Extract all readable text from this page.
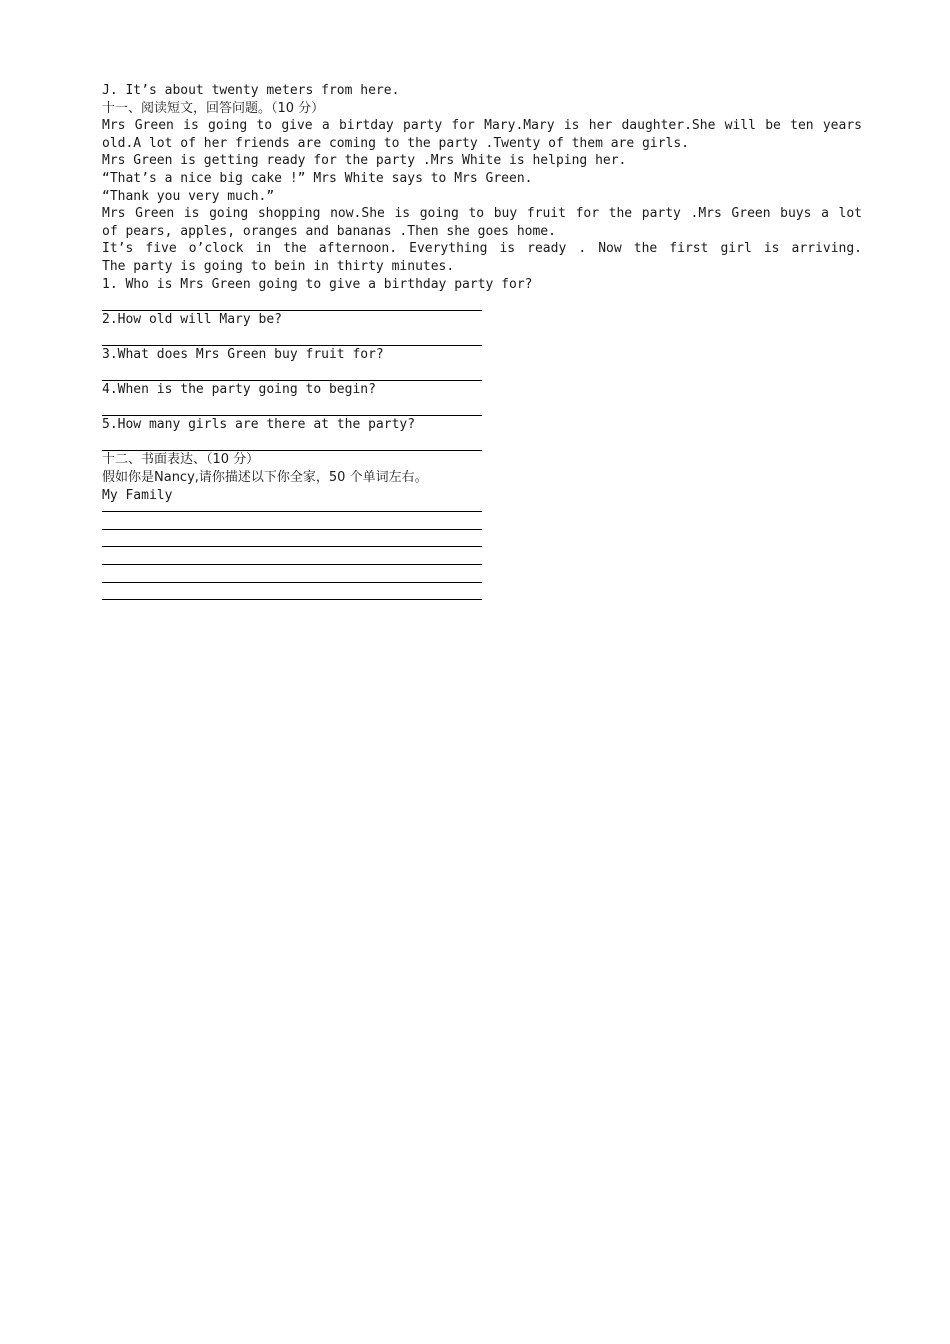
J. It’s about twenty meters from here.

十一、阅读短文，回答问题。（10 分）

Mrs Green is going to give a birtday party for Mary.Mary is her daughter.She will be ten years

old.A lot of her friends are coming to the party .Twenty of them are girls.

Mrs Green is getting ready for the party .Mrs White is helping her.

“That’s a nice big cake !” Mrs White says to Mrs Green.

“Thank you very much.”

Mrs Green is going shopping now.She is going to buy fruit for the party .Mrs Green buys a lot

of pears, apples, oranges and bananas .Then she goes home.

It’s five o’clock in the afternoon. Everything is ready . Now the first girl is arriving.

The party is going to bein in thirty minutes.

1. Who is Mrs Green going to give a birthday party for?

2.How old will Mary be?

3.What does Mrs Green buy fruit for?

4.When is the party going to begin?

5.How many girls are there at the party?

十二、书面表达、（10 分）

假如你是Nancy,请你描述以下你全家，50 个单词左右。

My Family
